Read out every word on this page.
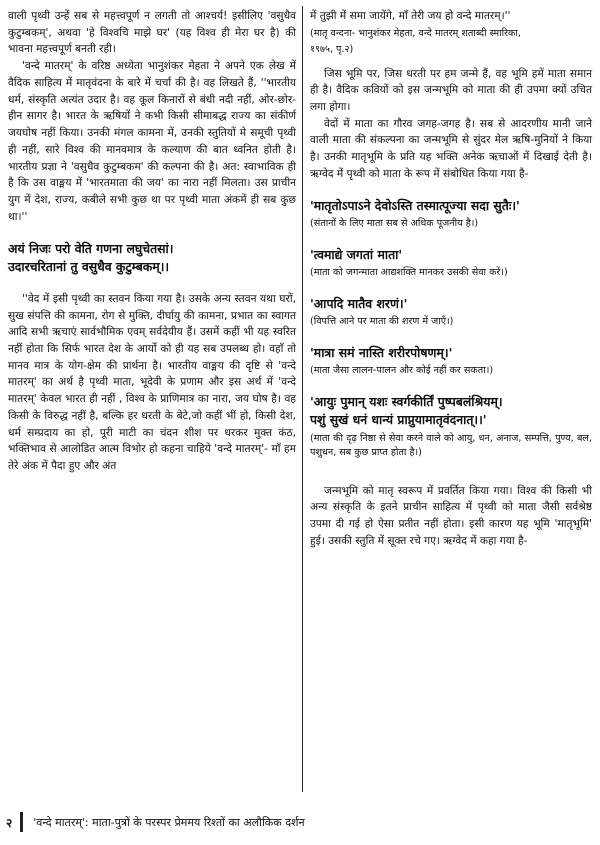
वाली पृथ्वी उन्हें सब से महत्त्वपूर्ण न लगती तो आश्चर्य! इसीलिए 'वसुधैव कुटुम्बकम्', अथवा 'हे विश्वचि माझे घर' (यह विश्व ही मेरा घर है) की भावना महत्त्वपूर्ण बनती रही।

'वन्दे मातरम्' के वरिष्ठ अध्येता भानुशंकर मेहता ने अपने एक लेख में वैदिक साहित्य में मातृवंदना के बारे में चर्चा की है। वह लिखते हैं, ''भारतीय धर्म, संस्कृति अत्यंत उदार है। वह कूल किनारों से बंधी नदी नहीं, ओर-छोर-हीन सागर है। भारत के ऋषियों ने कभी किसी सीमाबद्ध राज्य का संकीर्ण जयघोष नहीं किया। उनकी मंगल कामना में, उनकी स्तुतियों मे समूची पृथ्वी ही नहीं, सारे विश्व की मानवमात्र के कल्याण की बात ध्वनित होती है। भारतीय प्रज्ञा ने 'वसुधैव कुटुम्बकम' की कल्पना की है। अत: स्वाभाविक ही है कि उस वाङ्मय में 'भारतमाता की जय' का नारा नहीं मिलता। उस प्राचीन युग में देश, राज्य, कबीले सभी कुछ था पर पृथ्वी माता अंकमें ही सब कुछ था।''

अयं निजः परो वेति गणना लघुचेतसां।

उदारचरितानां तु वसुधैव कुटुम्बकम्।।

''वेद में इसी पृथ्वी का स्तवन किया गया है। उसके अन्य स्तवन यथा घरों, सुख संपत्ति की कामना, रोग से मुक्ति, दीर्घायु की कामना, प्रभात का स्वागत आदि सभी ऋचाएं सार्वभौमिक एवम् सर्वदेयीय हैं। उसमें कहीं भी यह स्वरित नहीं होता कि सिर्फ भारत देश के आर्यो को ही यह सब उपलब्ध हो। वहाँ तो मानव मात्र के योग-क्षेम की प्रार्थना है। भारतीय वाङ्मय की दृष्टि से 'वन्दे मातरम्' का अर्थ है पृथ्वी माता, भूदेवी के प्रणाम और इस अर्थ में 'वन्दे मातरम्' केवल भारत ही नहीं , विश्व के प्राणिमात्र का नारा, जय घोष है। वह किसी के विरुद्ध नहीं है, बल्कि हर धरती के बेटे,जो कहीं भीं हो, किसी देश, धर्म सम्प्रदाय का हो, पूरी माटी का चंदन शीश पर धरकर मुक्त कंठ, भक्तिभाव से आलोडित आत्म विभोर हो कहना चाहिये 'वन्दे मातरम्'- माँ हम तेरे अंक में पैदा हुए और अंत

में तुझी में समा जायेंगे, माँ तेरी जय हो वन्दे मातरम्।''

(मातृ वन्दना- भानुशंकर मेहता, वन्दे मातरम् शताब्दी स्मारिका,

१९७५, पृ.२)

जिस भूमि पर, जिस धरती पर हम जन्मे हैं, वह भूमि हमें माता समान ही है। वैदिक कवियों को इस जन्मभूमि को माता की ही उपमा क्यों उचित लगा होगा।

वेदों में माता का गौरव जगह-जगह है। सब से आदरणीय मानी जाने वाली माता की संकल्पना का जन्मभूमि से सुंदर मेल ऋषि-मुनियों ने किया है। उनकी मातृभूमि के प्रति यह भक्ति अनेक ऋचाओं में दिखाई देती है। ऋग्वेद में पृथ्वी को माता के रूप में संबोधित किया गया है-

'मातृतोऽपाऽने देवोऽस्ति तस्मात्पूज्या सदा सुतैः।'

(संतानों के लिए माता सब से अधिक पूजनीय है।)

'त्वमाद्ये जगतां माता'

(माता को जगन्माता आद्यशक्ति मानकर उसकी सेवा करें।)

'आपदि मातैव शरणं।'

(विपत्ति आने पर माता की शरण में जाएँ।)

'मात्रा समं नास्ति शरीरपोषणम्।'

(माता जैसा लालन-पालन और कोई नहीं कर सकता।)

'आयुः पुमान् यशः स्वर्गकीर्तिं पुष्पबलंश्रियम्।

पशुं सुखं धनं धान्यं प्राप्नुयामातृवंदनात्।।'

(माता की दृढ़ निष्ठा से सेवा करने वाले को आयु, धन, अनाज, सम्पत्ति, पुण्य, बल, पशुधन, सब कुछ प्राप्त होता है।)

जन्मभूमि को मातृ स्वरूप में प्रवर्तित किया गया। विश्व की किसी भी अन्य संस्कृति के इतने प्राचीन साहित्य में पृथ्वी को माता जैसी सर्वश्रेष्ठ उपमा दी गई हो ऐसा प्रतीत नहीं होता। इसी कारण यह भूमि 'मातृभूमि' हुई। उसकी स्तुति में सूक्त रचे गए। ऋग्वेद में कहा गया है-

२ 'वन्दे मातरम्': माता-पुत्रों के परस्पर प्रेममय रिश्तों का अलौकिक दर्शन
